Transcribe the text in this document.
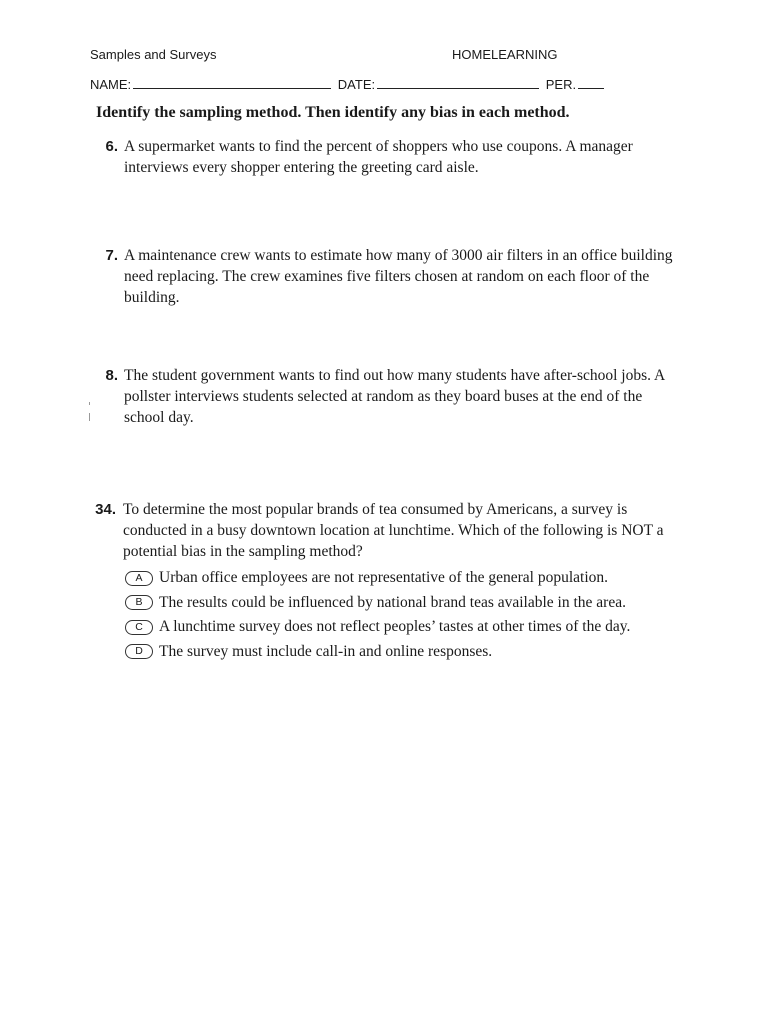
Samples and Surveys	HOMELEARNING
NAME:	DATE:	PER.
Identify the sampling method. Then identify any bias in each method.
6. A supermarket wants to find the percent of shoppers who use coupons. A manager interviews every shopper entering the greeting card aisle.
7. A maintenance crew wants to estimate how many of 3000 air filters in an office building need replacing. The crew examines five filters chosen at random on each floor of the building.
8. The student government wants to find out how many students have after-school jobs. A pollster interviews students selected at random as they board buses at the end of the school day.
34. To determine the most popular brands of tea consumed by Americans, a survey is conducted in a busy downtown location at lunchtime. Which of the following is NOT a potential bias in the sampling method?
A	Urban office employees are not representative of the general population.
B	The results could be influenced by national brand teas available in the area.
C	A lunchtime survey does not reflect peoples’ tastes at other times of the day.
D	The survey must include call-in and online responses.
